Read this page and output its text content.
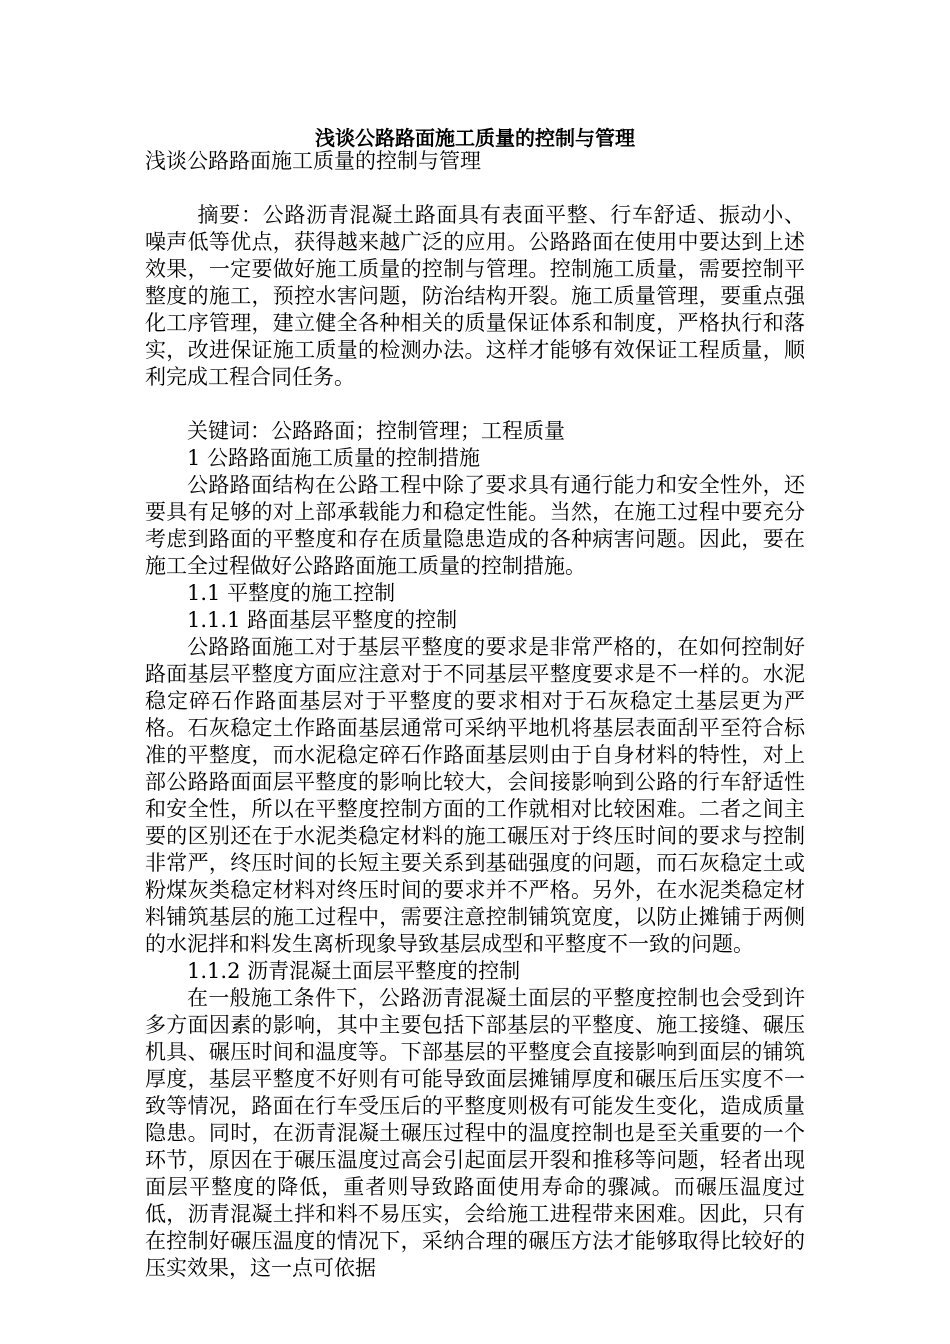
浅谈公路路面施工质量的控制与管理

浅谈公路路面施工质量的控制与管理

摘要：公路沥青混凝土路面具有表面平整、行车舒适、振动小、噪声低等优点，获得越来越广泛的应用。公路路面在使用中要达到上述效果，一定要做好施工质量的控制与管理。控制施工质量，需要控制平整度的施工，预控水害问题，防治结构开裂。施工质量管理，要重点强化工序管理，建立健全各种相关的质量保证体系和制度，严格执行和落实，改进保证施工质量的检测办法。这样才能够有效保证工程质量，顺利完成工程合同任务。

关键词：公路路面；控制管理；工程质量

1 公路路面施工质量的控制措施

公路路面结构在公路工程中除了要求具有通行能力和安全性外，还要具有足够的对上部承载能力和稳定性能。当然，在施工过程中要充分考虑到路面的平整度和存在质量隐患造成的各种病害问题。因此，要在施工全过程做好公路路面施工质量的控制措施。

1.1 平整度的施工控制

1.1.1 路面基层平整度的控制

公路路面施工对于基层平整度的要求是非常严格的，在如何控制好路面基层平整度方面应注意对于不同基层平整度要求是不一样的。水泥稳定碎石作路面基层对于平整度的要求相对于石灰稳定土基层更为严格。石灰稳定土作路面基层通常可采纳平地机将基层表面刮平至符合标准的平整度，而水泥稳定碎石作路面基层则由于自身材料的特性，对上部公路路面面层平整度的影响比较大，会间接影响到公路的行车舒适性和安全性，所以在平整度控制方面的工作就相对比较困难。二者之间主要的区别还在于水泥类稳定材料的施工碾压对于终压时间的要求与控制非常严，终压时间的长短主要关系到基础强度的问题，而石灰稳定土或粉煤灰类稳定材料对终压时间的要求并不严格。另外，在水泥类稳定材料铺筑基层的施工过程中，需要注意控制铺筑宽度，以防止摊铺于两侧的水泥拌和料发生离析现象导致基层成型和平整度不一致的问题。

1.1.2 沥青混凝土面层平整度的控制

在一般施工条件下，公路沥青混凝土面层的平整度控制也会受到许多方面因素的影响，其中主要包括下部基层的平整度、施工接缝、碾压机具、碾压时间和温度等。下部基层的平整度会直接影响到面层的铺筑厚度，基层平整度不好则有可能导致面层摊铺厚度和碾压后压实度不一致等情况，路面在行车受压后的平整度则极有可能发生变化，造成质量隐患。同时，在沥青混凝土碾压过程中的温度控制也是至关重要的一个环节，原因在于碾压温度过高会引起面层开裂和推移等问题，轻者出现面层平整度的降低，重者则导致路面使用寿命的骤减。而碾压温度过低，沥青混凝土拌和料不易压实，会给施工进程带来困难。因此，只有在控制好碾压温度的情况下，采纳合理的碾压方法才能够取得比较好的压实效果，这一点可依据
